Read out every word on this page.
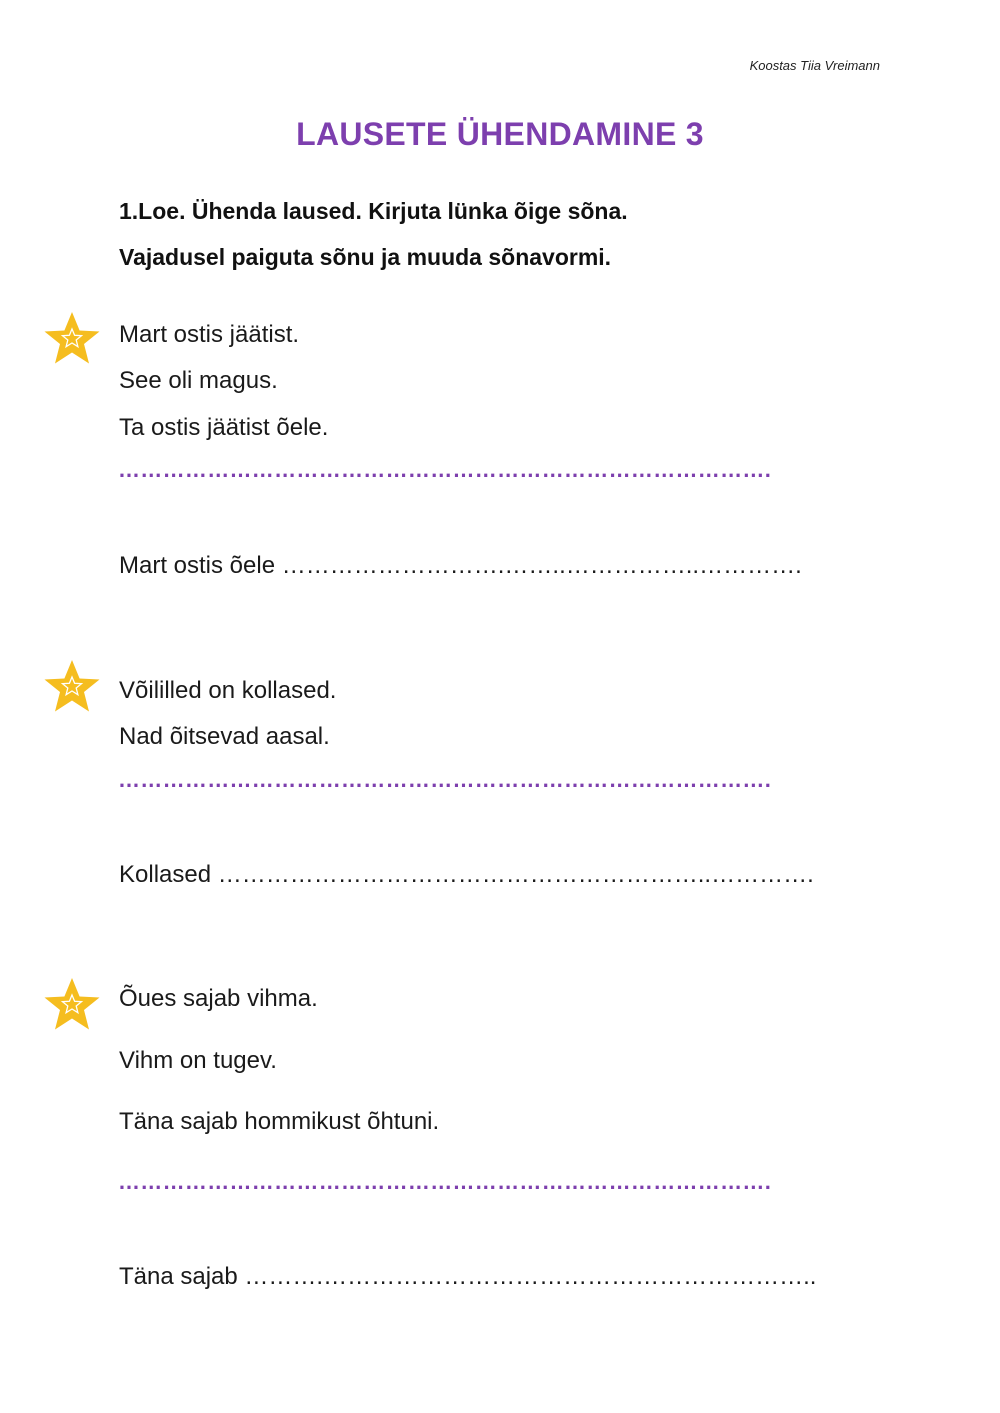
Koostas Tiia Vreimann
LAUSETE ÜHENDAMINE 3
1.Loe. Ühenda laused. Kirjuta lünka õige sõna.
Vajadusel paiguta sõnu ja muuda sõnavormi.
Mart ostis jäätist.
See oli magus.
Ta ostis jäätist õele.
…………………………………………………………………………….
Mart ostis õele ……………………….……..……………..………….
Võililled on kollased.
Nad õitsevad aasal.
…………………………………………………………………………….
Kollased ……………………………………………………..………….
Õues sajab vihma.
Vihm on tugev.
Täna sajab hommikust õhtuni.
…………………………………………………………………………….
Täna sajab ……….……………………………………………………..
